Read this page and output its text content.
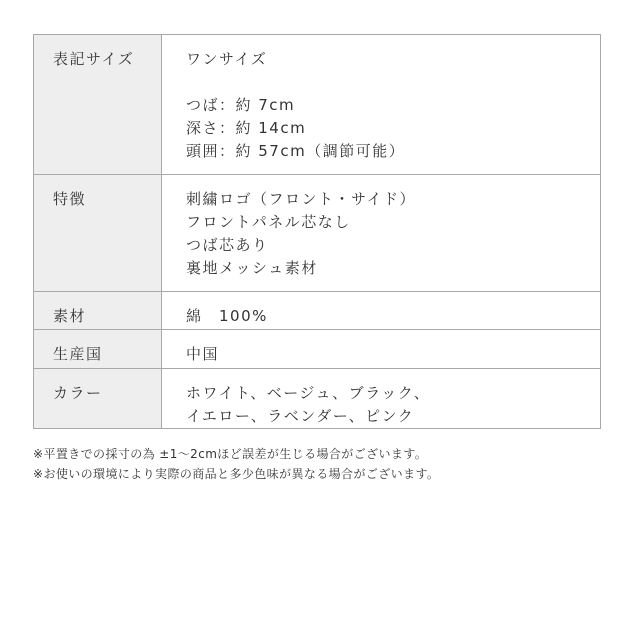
表記サイズ	ワンサイズ
つば：約 7cm
深さ：約 14cm
頭囲：約 57cm（調節可能）

特徴	刺繍ロゴ（フロント・サイド）
フロントパネル芯なし
つば芯あり
裏地メッシュ素材

素材	綿　100%

生産国	中国

カラー	ホワイト、ベージュ、ブラック、
イエロー、ラベンダー、ピンク
※平置きでの採寸の為 ±1～2cmほど誤差が生じる場合がございます。
※お使いの環境により実際の商品と多少色味が異なる場合がございます。
